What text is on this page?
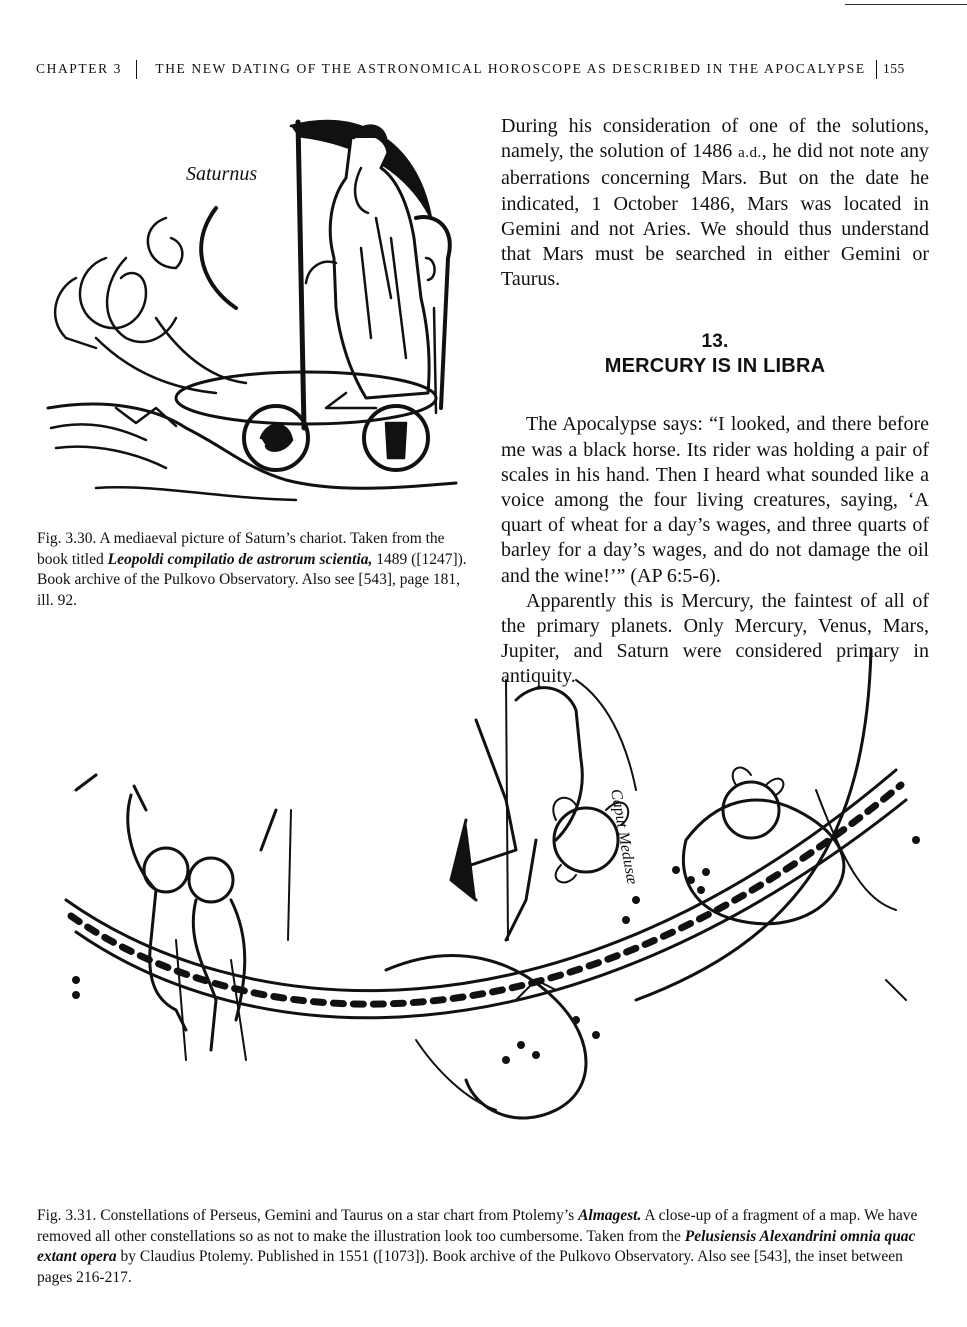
CHAPTER 3 THE NEW DATING OF THE ASTRONOMICAL HOROSCOPE AS DESCRIBED IN THE APOCALYPSE 155
Saturnus
Fig. 3.30. A mediaeval picture of Saturn’s chariot. Taken from the book titled Leopoldi compilatio de astrorum scientia, 1489 ([1247]). Book archive of the Pulkovo Observatory. Also see [543], page 181, ill. 92.

During his consideration of one of the solutions, namely, the solution of 1486 a.d., he did not note any aberrations concerning Mars. But on the date he indicated, 1 October 1486, Mars was located in Gemini and not Aries. We should thus understand that Mars must be searched in either Gemini or Taurus.

13.
MERCURY IS IN LIBRA

The Apocalypse says: “I looked, and there before me was a black horse. Its rider was holding a pair of scales in his hand. Then I heard what sounded like a voice among the four living creatures, saying, ‘A quart of wheat for a day’s wages, and three quarts of barley for a day’s wages, and do not damage the oil and the wine!’” (AP 6:5-6).

Apparently this is Mercury, the faintest of all of the primary planets. Only Mercury, Venus, Mars, Jupiter, and Saturn were considered primary in antiquity.

Caput Medusæ
Fig. 3.31. Constellations of Perseus, Gemini and Taurus on a star chart from Ptolemy’s Almagest. A close-up of a fragment of a map. We have removed all other constellations so as not to make the illustration look too cumbersome. Taken from the Pelusiensis Alexandrini omnia quac extant opera by Claudius Ptolemy. Published in 1551 ([1073]). Book archive of the Pulkovo Observatory. Also see [543], the inset between pages 216-217.
